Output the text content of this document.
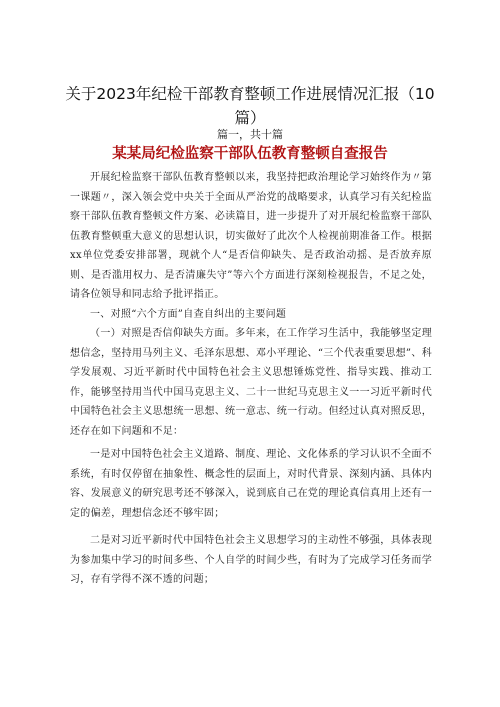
关于2023年纪检干部教育整顿工作进展情况汇报（10篇）
篇一，共十篇
某某局纪检监察干部队伍教育整顿自查报告

开展纪检监察干部队伍教育整顿以来，我坚持把政治理论学习始终作为〃第一课题〃，深入领会党中央关于全面从严治党的战略要求，认真学习有关纪检监察干部队伍教育整顿文件方案、必读篇目，进一步提升了对开展纪检监察干部队伍教育整顿重大意义的思想认识，切实做好了此次个人检视前期准备工作。根据xx单位党委安排部署，现就个人“是否信仰缺失、是否政治动摇、是否放弃原则、是否滥用权力、是否清廉失守”等六个方面进行深刻检视报告，不足之处，请各位领导和同志给予批评指正。

一、对照“六个方面”自查自纠出的主要问题

（一）对照是否信仰缺失方面。多年来，在工作学习生活中，我能够坚定理想信念，坚持用马列主义、毛泽东思想、邓小平理论、“三个代表重要思想”、科学发展观、习近平新时代中国特色社会主义思想锤炼党性、指导实践、推动工作，能够坚持用当代中国马克思主义、二十一世纪马克思主义一一习近平新时代中国特色社会主义思想统一思想、统一意志、统一行动。但经过认真对照反思，还存在如下问题和不足：

一是对中国特色社会主义道路、制度、理论、文化体系的学习认识不全面不系统，有时仅停留在抽象性、概念性的层面上，对时代背景、深刻内涵、具体内容、发展意义的研究思考还不够深入，说到底自己在党的理论真信真用上还有一定的偏差，理想信念还不够牢固；

二是对习近平新时代中国特色社会主义思想学习的主动性不够强，具体表现为参加集中学习的时间多些、个人自学的时间少些，有时为了完成学习任务而学习，存有学得不深不透的问题；
